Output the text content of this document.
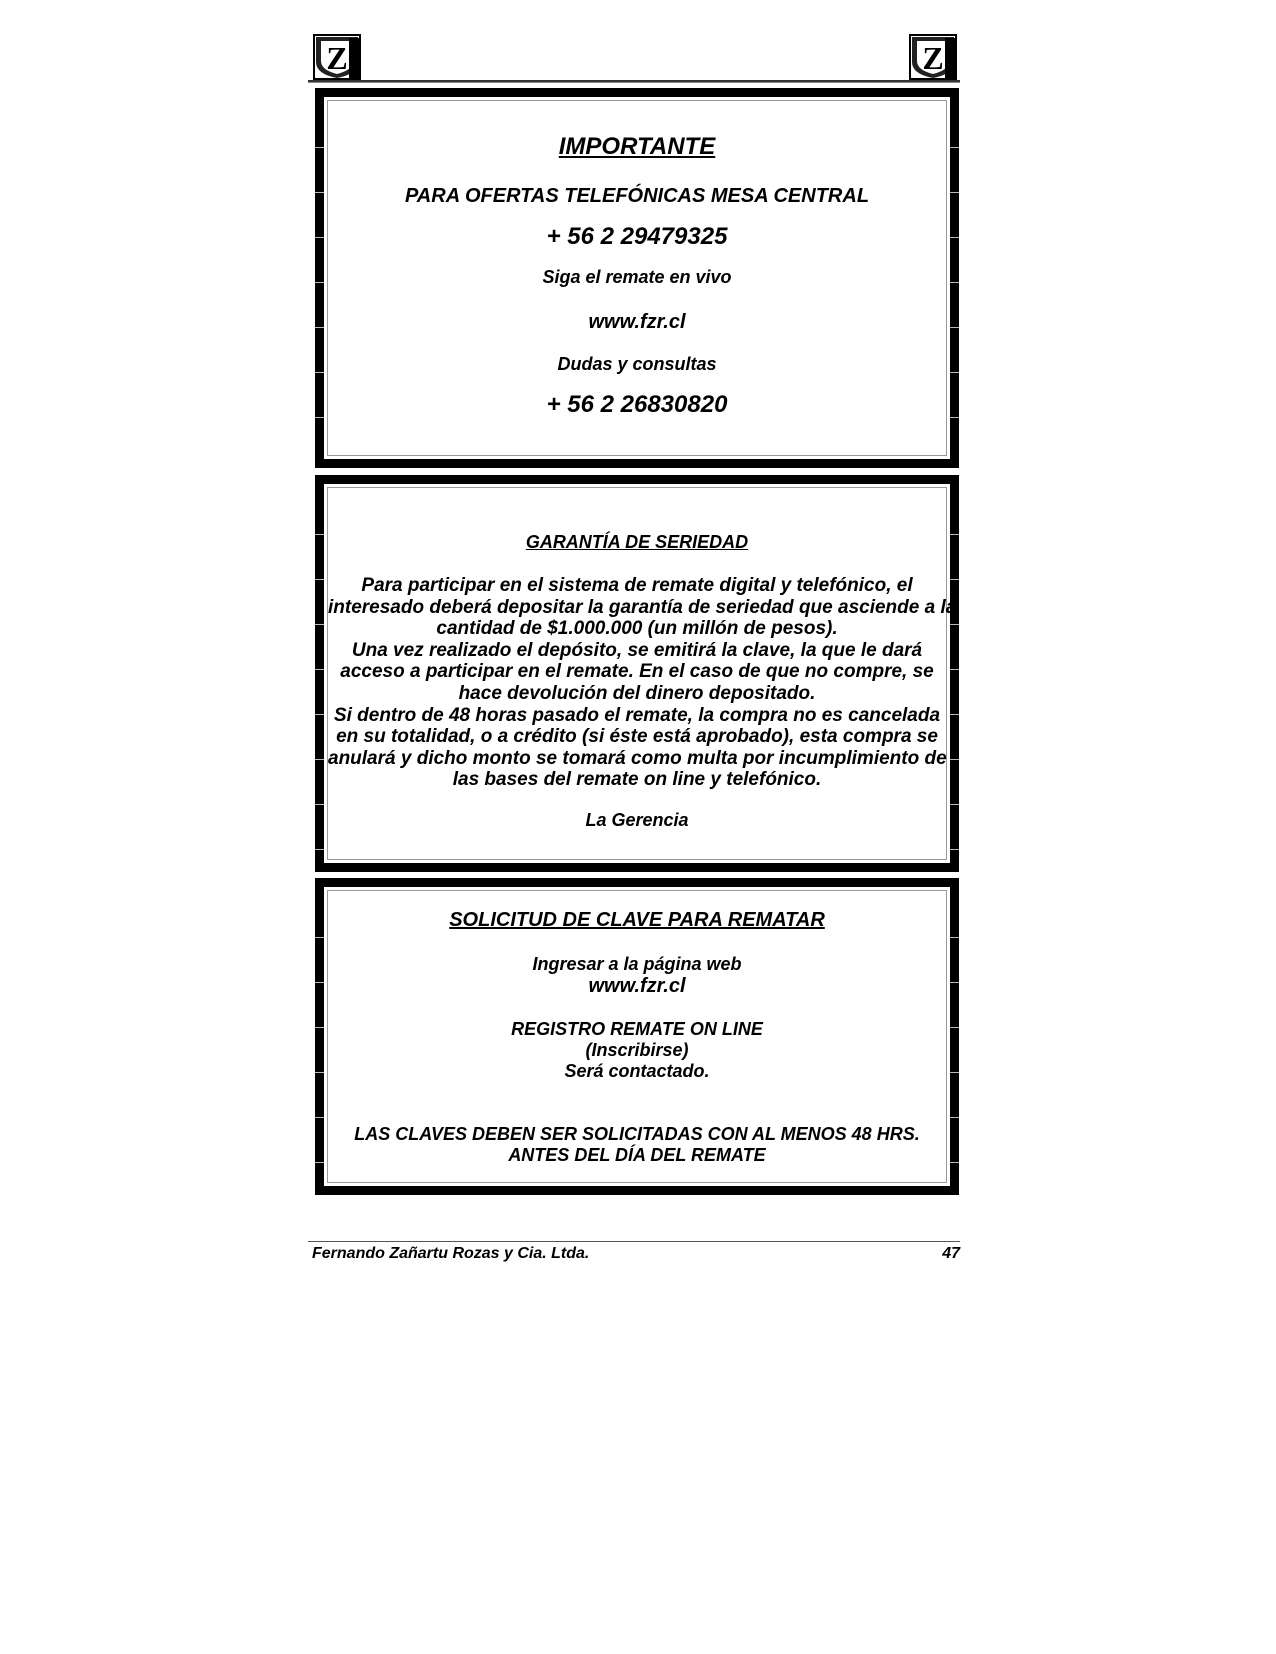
Z	Z
IMPORTANTE
PARA OFERTAS TELEFÓNICAS MESA CENTRAL
+ 56 2 29479325
Siga el remate en vivo
www.fzr.cl
Dudas y consultas
+ 56 2 26830820
GARANTÍA DE SERIEDAD
Para participar en el sistema de remate digital y telefónico, el
interesado deberá depositar la garantía de seriedad que asciende a la
cantidad de $1.000.000 (un millón de pesos).
Una vez realizado el depósito, se emitirá la clave, la que le dará
acceso a participar en el remate. En el caso de que no compre, se
hace devolución del dinero depositado.
Si dentro de 48 horas pasado el remate, la compra no es cancelada
en su totalidad, o a crédito (si éste está aprobado), esta compra se
anulará y dicho monto se tomará como multa por incumplimiento de
las bases del remate on line y telefónico.
La Gerencia
SOLICITUD DE CLAVE PARA REMATAR
Ingresar a la página web
www.fzr.cl
REGISTRO REMATE ON LINE
(Inscribirse)
Será contactado.
LAS CLAVES DEBEN SER SOLICITADAS CON AL MENOS 48 HRS.
ANTES DEL DÍA DEL REMATE
Fernando Zañartu Rozas y Cia. Ltda.	47
